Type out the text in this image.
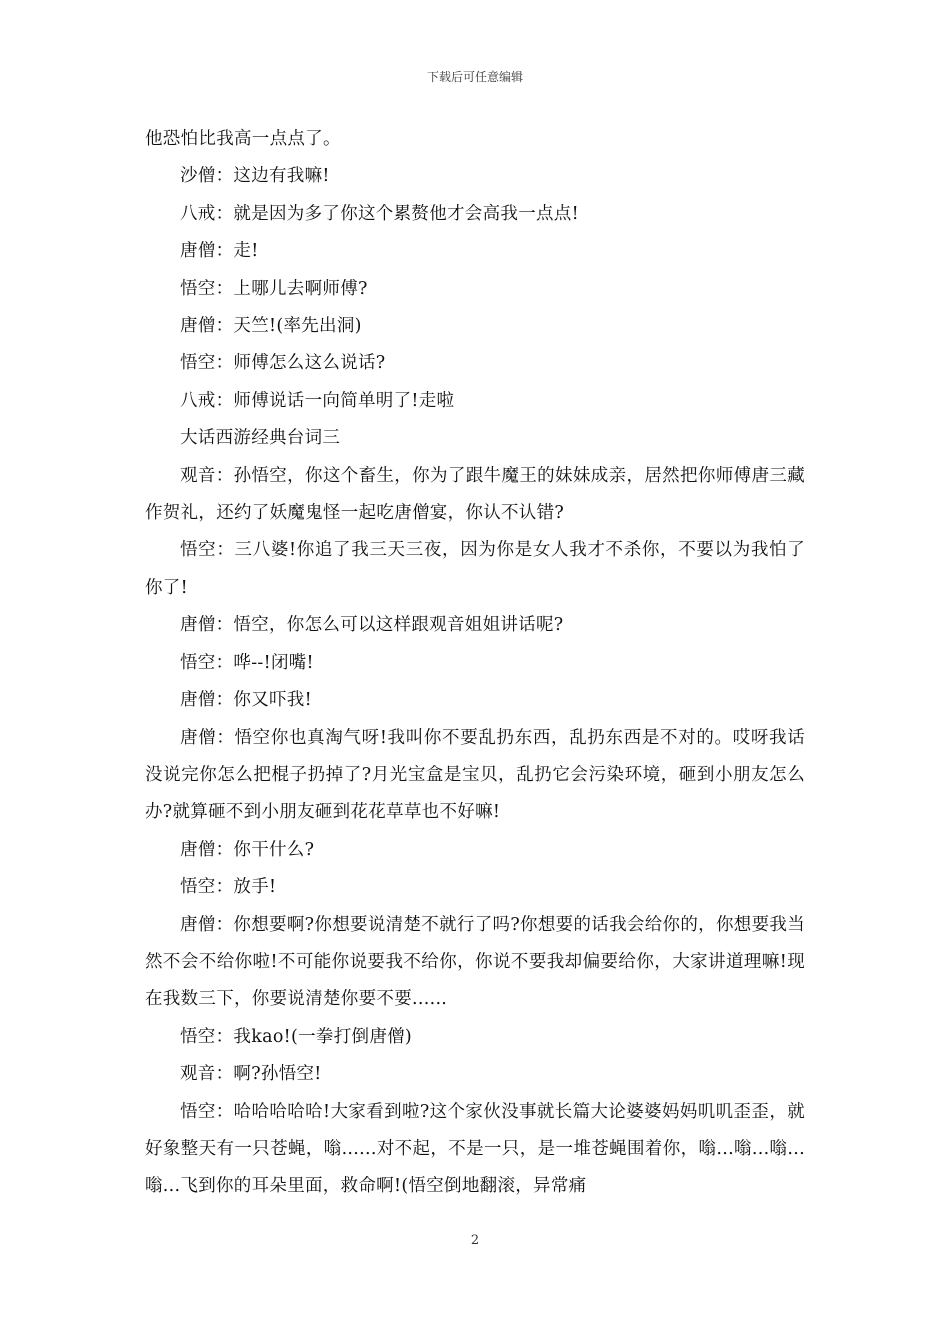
下载后可任意编辑

他恐怕比我高一点点了。

沙僧：这边有我嘛!

八戒：就是因为多了你这个累赘他才会高我一点点!

唐僧：走!

悟空：上哪儿去啊师傅?

唐僧：天竺!(率先出洞)

悟空：师傅怎么这么说话?

八戒：师傅说话一向简单明了!走啦

大话西游经典台词三

观音：孙悟空，你这个畜生，你为了跟牛魔王的妹妹成亲，居然把你师傅唐三藏作贺礼，还约了妖魔鬼怪一起吃唐僧宴，你认不认错?

悟空：三八婆!你追了我三天三夜，因为你是女人我才不杀你，不要以为我怕了你了!

唐僧：悟空，你怎么可以这样跟观音姐姐讲话呢?

悟空：哗--!闭嘴!

唐僧：你又吓我!

唐僧：悟空你也真淘气呀!我叫你不要乱扔东西，乱扔东西是不对的。哎呀我话没说完你怎么把棍子扔掉了?月光宝盒是宝贝，乱扔它会污染环境，砸到小朋友怎么办?就算砸不到小朋友砸到花花草草也不好嘛!

唐僧：你干什么?

悟空：放手!

唐僧：你想要啊?你想要说清楚不就行了吗?你想要的话我会给你的，你想要我当然不会不给你啦!不可能你说要我不给你，你说不要我却偏要给你，大家讲道理嘛!现在我数三下，你要说清楚你要不要......

悟空：我kao!(一拳打倒唐僧)

观音：啊?孙悟空!

悟空：哈哈哈哈哈!大家看到啦?这个家伙没事就长篇大论婆婆妈妈叽叽歪歪，就好象整天有一只苍蝇，嗡......对不起，不是一只，是一堆苍蝇围着你，嗡...嗡...嗡...嗡...飞到你的耳朵里面，救命啊!(悟空倒地翻滚，异常痛

2
